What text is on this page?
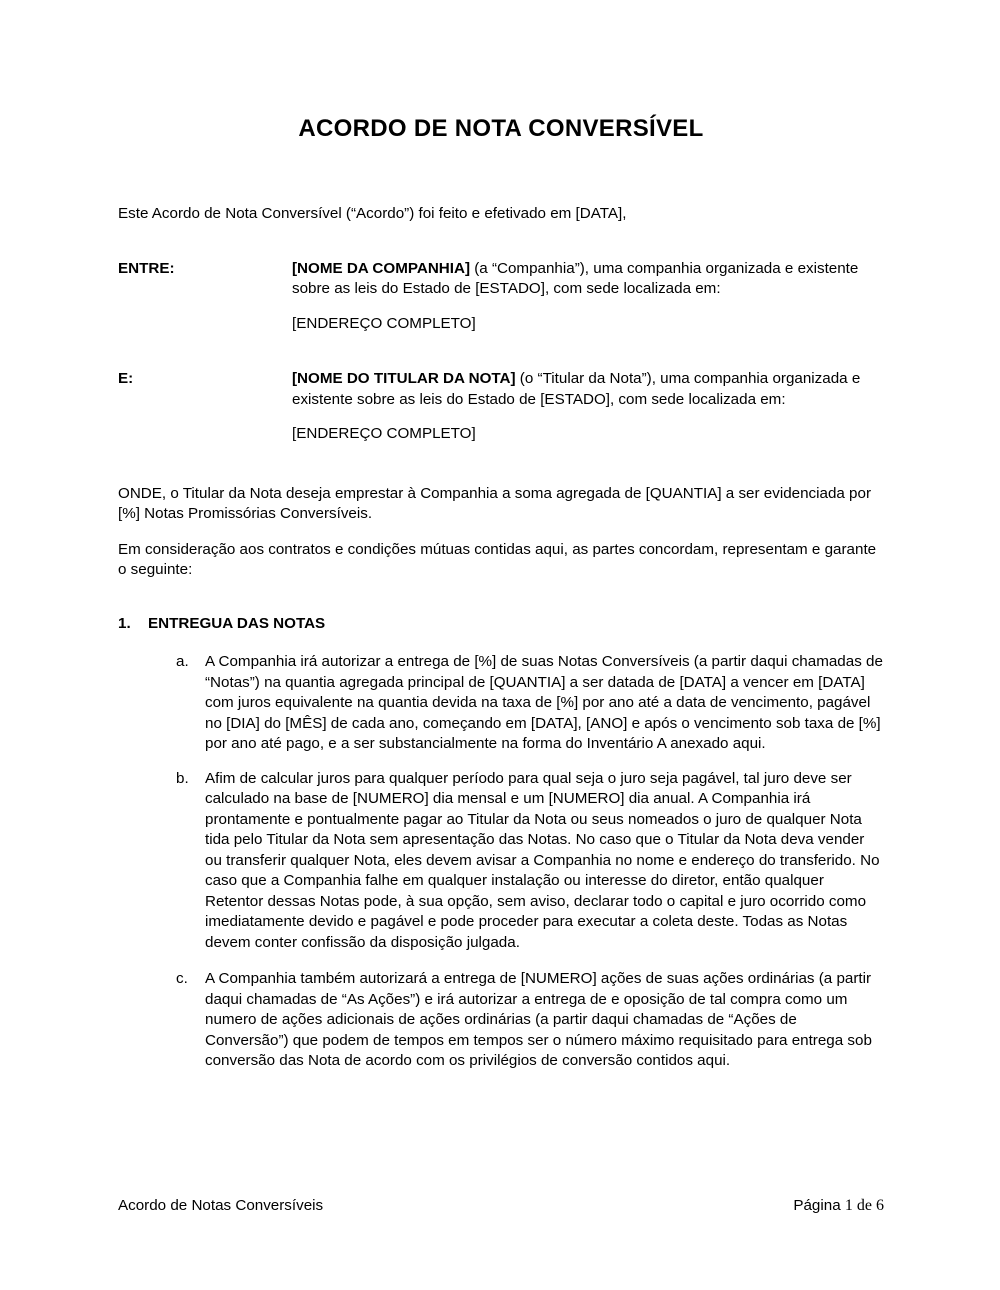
ACORDO DE NOTA CONVERSÍVEL

Este Acordo de Nota Conversível (“Acordo”) foi feito e efetivado em [DATA],

ENTRE:	[NOME DA COMPANHIA] (a “Companhia”), uma companhia organizada e existente sobre as leis do Estado de [ESTADO], com sede localizada em:

[ENDEREÇO COMPLETO]

E:	[NOME DO TITULAR DA NOTA] (o “Titular da Nota”), uma companhia organizada e existente sobre as leis do Estado de [ESTADO], com sede localizada em:

[ENDEREÇO COMPLETO]

ONDE, o Titular da Nota deseja emprestar à Companhia a soma agregada de [QUANTIA] a ser evidenciada por [%] Notas Promissórias Conversíveis.

Em consideração aos contratos e condições mútuas contidas aqui, as partes concordam, representam e garante o seguinte:

1.	ENTREGUA DAS NOTAS
a.	A Companhia irá autorizar a entrega de [%] de suas Notas Conversíveis (a partir daqui chamadas de “Notas”) na quantia agregada principal de [QUANTIA] a ser datada de [DATA] a vencer em [DATA] com juros equivalente na quantia devida na taxa de [%] por ano até a data de vencimento, pagável no [DIA] do [MÊS] de cada ano, começando em [DATA], [ANO] e após o vencimento sob taxa de [%] por ano até pago, e a ser substancialmente na forma do Inventário A anexado aqui.

b.	Afim de calcular juros para qualquer período para qual seja o juro seja pagável, tal juro deve ser calculado na base de [NUMERO] dia mensal e um [NUMERO] dia anual. A Companhia irá prontamente e pontualmente pagar ao Titular da Nota ou seus nomeados o juro de qualquer Nota tida pelo Titular da Nota sem apresentação das Notas. No caso que o Titular da Nota deva vender ou transferir qualquer Nota, eles devem avisar a Companhia no nome e endereço do transferido. No caso que a Companhia falhe em qualquer instalação ou interesse do diretor, então qualquer Retentor dessas Notas pode, à sua opção, sem aviso, declarar todo o capital e juro ocorrido como imediatamente devido e pagável e pode proceder para executar a coleta deste. Todas as Notas devem conter confissão da disposição julgada.

c.	A Companhia também autorizará a entrega de [NUMERO] ações de suas ações ordinárias (a partir daqui chamadas de “As Ações”) e irá autorizar a entrega de e oposição de tal compra como um numero de ações adicionais de ações ordinárias (a partir daqui chamadas de “Ações de Conversão”) que podem de tempos em tempos ser o número máximo requisitado para entrega sob conversão das Nota de acordo com os privilégios de conversão contidos aqui.

Acordo de Notas Conversíveis	Página 1 de 6
